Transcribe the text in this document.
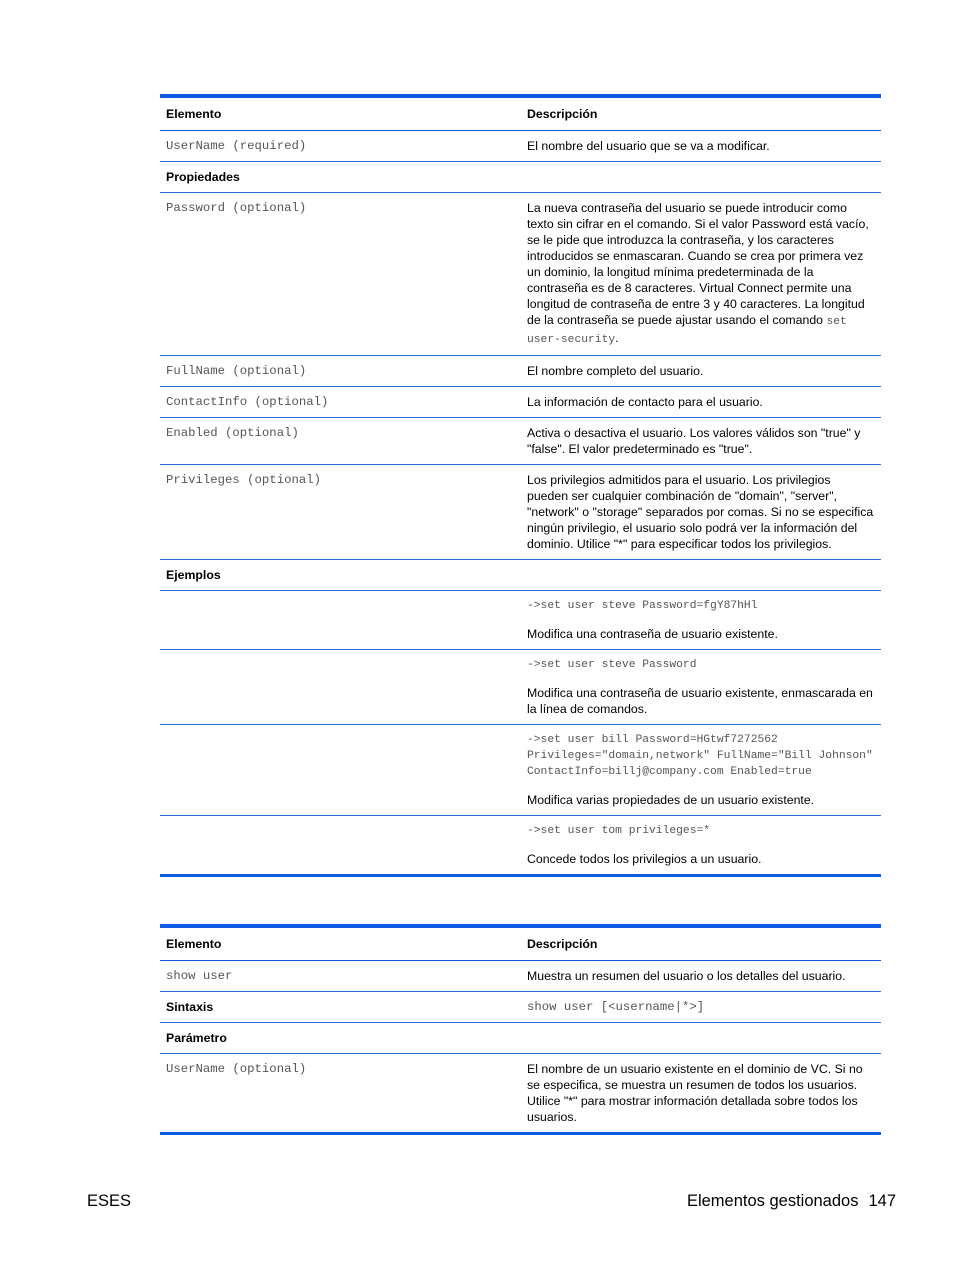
Elemento	Descripción
UserName (required)	El nombre del usuario que se va a modificar.
Propiedades	
Password (optional)	La nueva contraseña del usuario se puede introducir como texto sin cifrar en el comando. Si el valor Password está vacío, se le pide que introduzca la contraseña, y los caracteres introducidos se enmascaran. Cuando se crea por primera vez un dominio, la longitud mínima predeterminada de la contraseña es de 8 caracteres. Virtual Connect permite una longitud de contraseña de entre 3 y 40 caracteres. La longitud de la contraseña se puede ajustar usando el comando set user-security.
FullName (optional)	El nombre completo del usuario.
ContactInfo (optional)	La información de contacto para el usuario.
Enabled (optional)	Activa o desactiva el usuario. Los valores válidos son "true" y "false". El valor predeterminado es "true".
Privileges (optional)	Los privilegios admitidos para el usuario. Los privilegios pueden ser cualquier combinación de "domain", "server", "network" o "storage" separados por comas. Si no se especifica ningún privilegio, el usuario solo podrá ver la información del dominio. Utilice "*" para especificar todos los privilegios.
Ejemplos	

	->set user steve Password=fgY87hHl

Modifica una contraseña de usuario existente.

	->set user steve Password

Modifica una contraseña de usuario existente, enmascarada en la línea de comandos.

	->set user bill Password=HGtwf7272562 Privileges="domain,network" FullName="Bill Johnson" ContactInfo=billj@company.com Enabled=true

Modifica varias propiedades de un usuario existente.

	->set user tom privileges=*

Concede todos los privilegios a un usuario.

Elemento	Descripción
show user	Muestra un resumen del usuario o los detalles del usuario.
Sintaxis	show user [<username|*>]
Parámetro	
UserName (optional)	El nombre de un usuario existente en el dominio de VC. Si no se especifica, se muestra un resumen de todos los usuarios. Utilice "*" para mostrar información detallada sobre todos los usuarios.
ESES	Elementos gestionados 147
